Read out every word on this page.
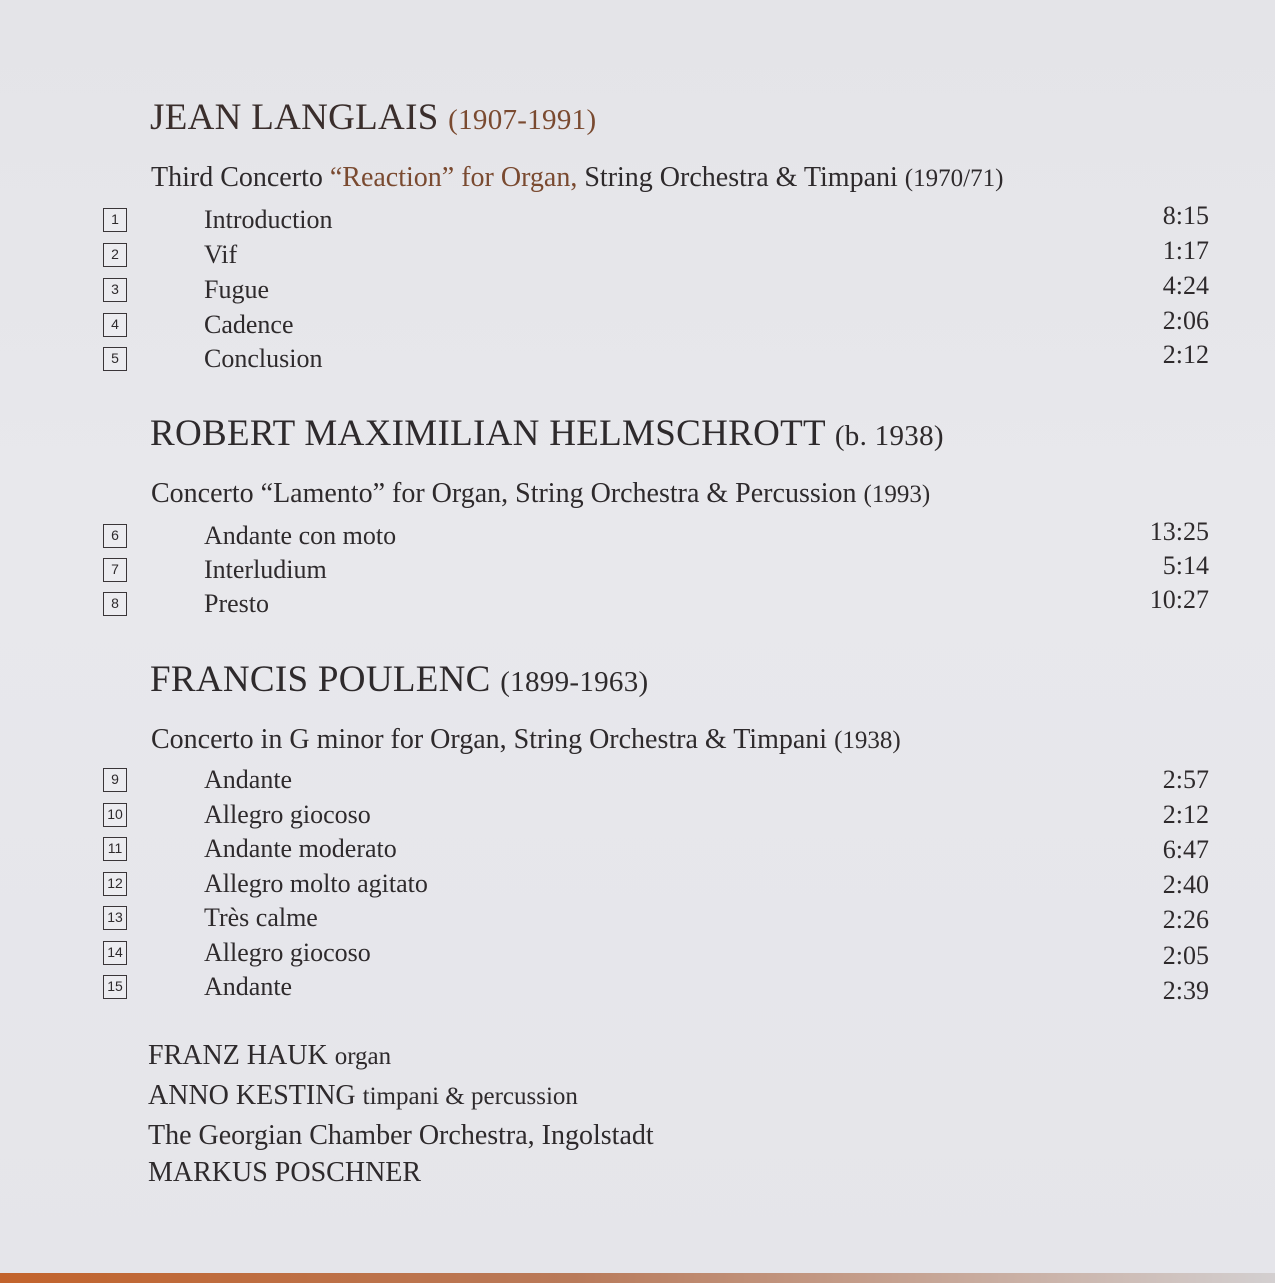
JEAN LANGLAIS (1907-1991)
Third Concerto “Reaction” for Organ, String Orchestra & Timpani (1970/71)
1	Introduction	8:15
2	Vif	1:17
3	Fugue	4:24
4	Cadence	2:06
5	Conclusion	2:12
ROBERT MAXIMILIAN HELMSCHROTT (b. 1938)
Concerto “Lamento” for Organ, String Orchestra & Percussion (1993)
6	Andante con moto	13:25
7	Interludium	5:14
8	Presto	10:27
FRANCIS POULENC (1899-1963)
Concerto in G minor for Organ, String Orchestra & Timpani (1938)
9	Andante	2:57
10	Allegro giocoso	2:12
11	Andante moderato	6:47
12	Allegro molto agitato	2:40
13	Très calme	2:26
14	Allegro giocoso	2:05
15	Andante	2:39
FRANZ HAUK organ
ANNO KESTING timpani & percussion
The Georgian Chamber Orchestra, Ingolstadt
MARKUS POSCHNER
